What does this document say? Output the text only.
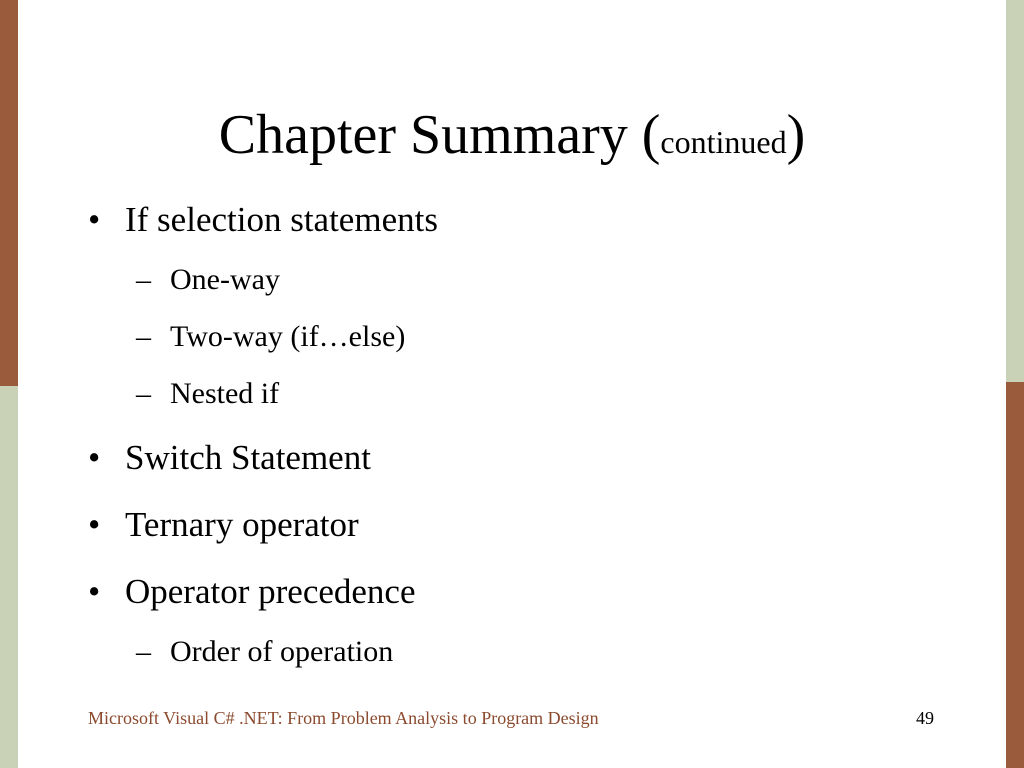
Chapter Summary (continued)
• If selection statements
– One-way
– Two-way (if…else)
– Nested if
• Switch Statement
• Ternary operator
• Operator precedence
– Order of operation
Microsoft Visual C# .NET: From Problem Analysis to Program Design	49
